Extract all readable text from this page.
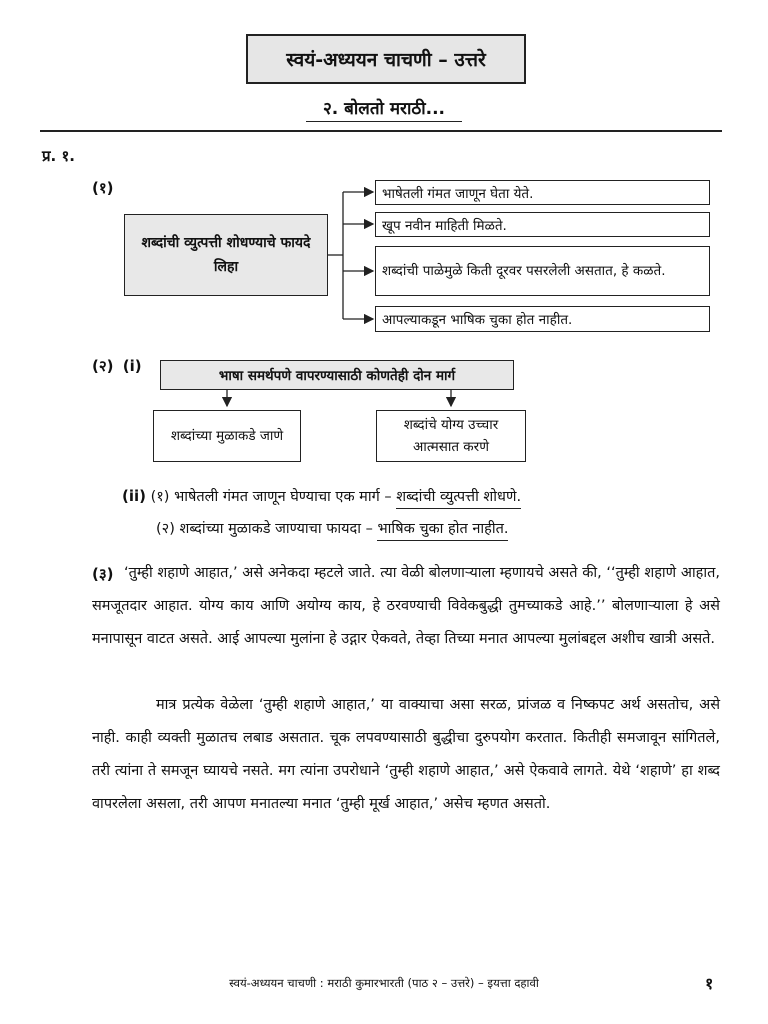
स्वयं-अध्ययन चाचणी – उत्तरे
२. बोलतो मराठी...
प्र. १.
(१)
शब्दांची व्युत्पत्ती शोधण्याचे फायदे लिहा
भाषेतली गंमत जाणून घेता येते.
खूप नवीन माहिती मिळते.
शब्दांची पाळेमुळे किती दूरवर पसरलेली असतात, हे कळते.
आपल्याकडून भाषिक चुका होत नाहीत.
(२) (i)
भाषा समर्थपणे वापरण्यासाठी कोणतेही दोन मार्ग
शब्दांच्या मुळाकडे जाणे
शब्दांचे योग्य उच्चार आत्मसात करणे
(ii) (१) भाषेतली गंमत जाणून घेण्याचा एक मार्ग – शब्दांची व्युत्पत्ती शोधणे.
(२) शब्दांच्या मुळाकडे जाण्याचा फायदा – भाषिक चुका होत नाहीत.
(३) ‘तुम्ही शहाणे आहात,’ असे अनेकदा म्हटले जाते. त्या वेळी बोलणाऱ्याला म्हणायचे असते की, ‘‘तुम्ही शहाणे आहात, समजूतदार आहात. योग्य काय आणि अयोग्य काय, हे ठरवण्याची विवेकबुद्धी तुमच्याकडे आहे.’’ बोलणाऱ्याला हे असे मनापासून वाटत असते. आई आपल्या मुलांना हे उद्गार ऐकवते, तेव्हा तिच्या मनात आपल्या मुलांबद्दल अशीच खात्री असते.
मात्र प्रत्येक वेळेला ‘तुम्ही शहाणे आहात,’ या वाक्याचा असा सरळ, प्रांजळ व निष्कपट अर्थ असतोच, असे नाही. काही व्यक्ती मुळातच लबाड असतात. चूक लपवण्यासाठी बुद्धीचा दुरुपयोग करतात. कितीही समजावून सांगितले, तरी त्यांना ते समजून घ्यायचे नसते. मग त्यांना उपरोधाने ‘तुम्ही शहाणे आहात,’ असे ऐकवावे लागते. येथे ‘शहाणे’ हा शब्द वापरलेला असला, तरी आपण मनातल्या मनात ‘तुम्ही मूर्ख आहात,’ असेच म्हणत असतो.
स्वयं-अध्ययन चाचणी : मराठी कुमारभारती (पाठ २ – उत्तरे) – इयत्ता दहावी	१
